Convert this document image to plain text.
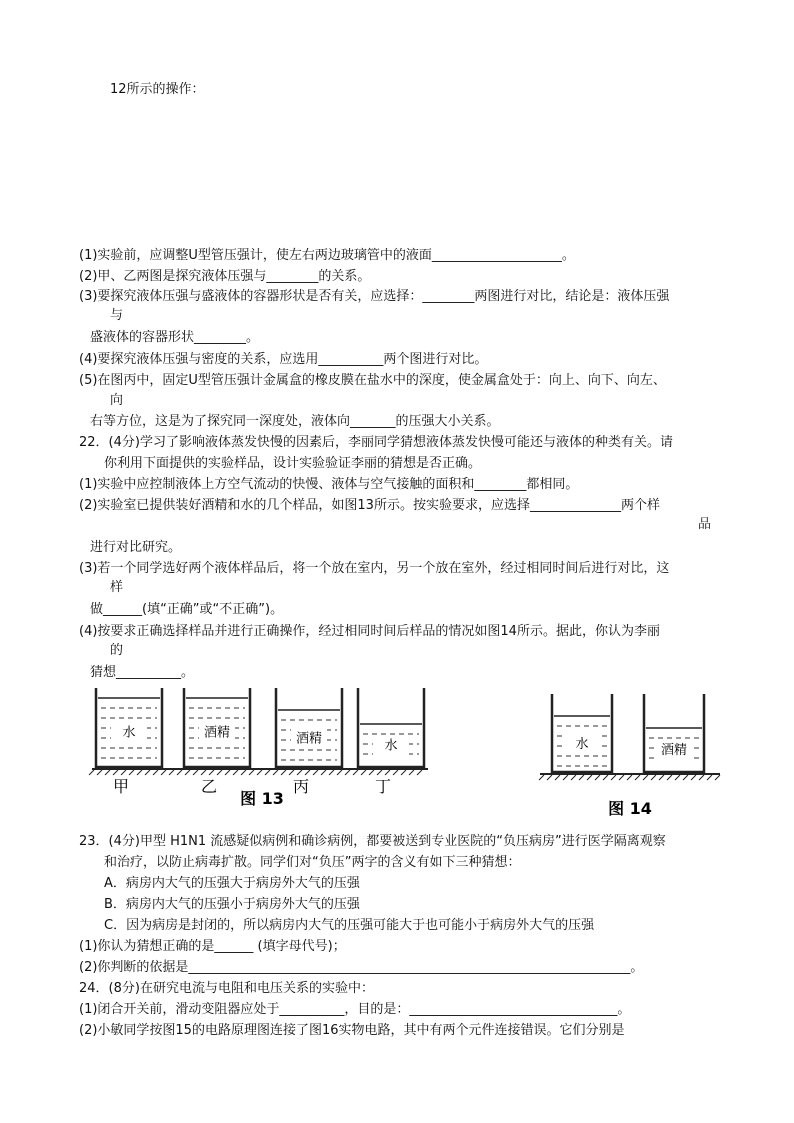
12所示的操作：
(1)实验前，应调整U型管压强计，使左右两边玻璃管中的液面____________________。
(2)甲、乙两图是探究液体压强与________的关系。
(3)要探究液体压强与盛液体的容器形状是否有关，应选择：________两图进行对比，结论是：液体压强
与
盛液体的容器形状________。
(4)要探究液体压强与密度的关系，应选用__________两个图进行对比。
(5)在图丙中，固定U型管压强计金属盒的橡皮膜在盐水中的深度，使金属盒处于：向上、向下、向左、
向
右等方位，这是为了探究同一深度处，液体向_______的压强大小关系。
22．(4分)学习了影响液体蒸发快慢的因素后，李丽同学猜想液体蒸发快慢可能还与液体的种类有关。请
你利用下面提供的实验样品，设计实验验证李丽的猜想是否正确。
(1)实验中应控制液体上方空气流动的快慢、液体与空气接触的面积和________都相同。
(2)实验室已提供装好酒精和水的几个样品，如图13所示。按实验要求，应选择______________两个样
品
进行对比研究。
(3)若一个同学选好两个液体样品后，将一个放在室内，另一个放在室外，经过相同时间后进行对比，这
样
做______(填“正确”或“不正确”)。
(4)按要求正确选择样品并进行正确操作，经过相同时间后样品的情况如图14所示。据此，你认为李丽
的
猜想__________。
23．(4分)甲型 H1N1 流感疑似病例和确诊病例，都要被送到专业医院的“负压病房”进行医学隔离观察
和治疗，以防止病毒扩散。同学们对“负压”两字的含义有如下三种猜想：
A．病房内大气的压强大于病房外大气的压强
B．病房内大气的压强小于病房外大气的压强
C．因为病房是封闭的，所以病房内大气的压强可能大于也可能小于病房外大气的压强
(1)你认为猜想正确的是______ (填字母代号)；
(2)你判断的依据是____________________________________________________________________。
24．(8分)在研究电流与电阻和电压关系的实验中：
(1)闭合开关前，滑动变阻器应处于__________，目的是：________________________________。
(2)小敏同学按图15的电路原理图连接了图16实物电路，其中有两个元件连接错误。它们分别是
水	酒精	酒精	水
甲	乙	丙	丁
图 13
水	酒精
图 14
